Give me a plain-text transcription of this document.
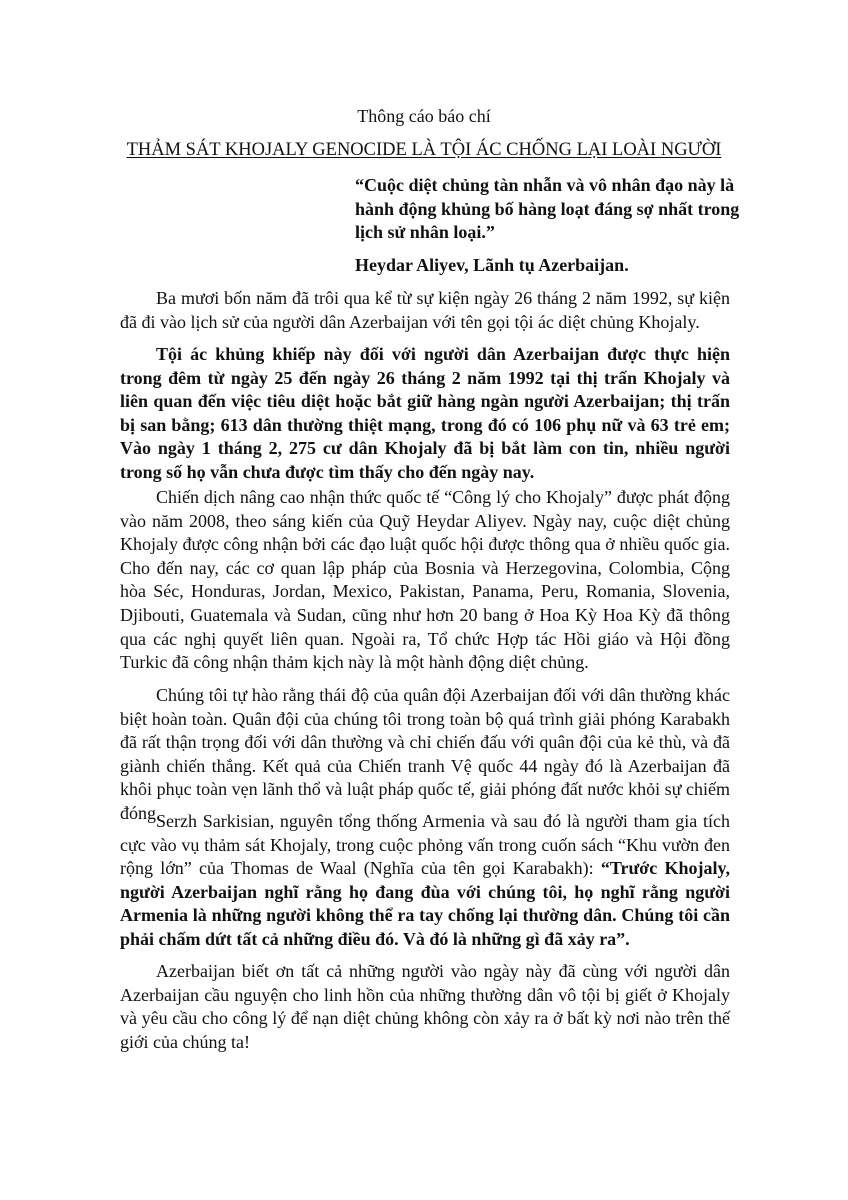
Thông cáo báo chí
THẢM SÁT KHOJALY GENOCIDE LÀ TỘI ÁC CHỐNG LẠI LOÀI NGƯỜI

“Cuộc diệt chủng tàn nhẫn và vô nhân đạo này là hành động khủng bố hàng loạt đáng sợ nhất trong lịch sử nhân loại.”

Heydar Aliyev, Lãnh tụ Azerbaijan.

Ba mươi bốn năm đã trôi qua kể từ sự kiện ngày 26 tháng 2 năm 1992, sự kiện đã đi vào lịch sử của người dân Azerbaijan với tên gọi tội ác diệt chủng Khojaly.

Tội ác khủng khiếp này đối với người dân Azerbaijan được thực hiện trong đêm từ ngày 25 đến ngày 26 tháng 2 năm 1992 tại thị trấn Khojaly và liên quan đến việc tiêu diệt hoặc bắt giữ hàng ngàn người Azerbaijan; thị trấn bị san bằng; 613 dân thường thiệt mạng, trong đó có 106 phụ nữ và 63 trẻ em; Vào ngày 1 tháng 2, 275 cư dân Khojaly đã bị bắt làm con tin, nhiều người trong số họ vẫn chưa được tìm thấy cho đến ngày nay.

Chiến dịch nâng cao nhận thức quốc tế “Công lý cho Khojaly” được phát động vào năm 2008, theo sáng kiến của Quỹ Heydar Aliyev. Ngày nay, cuộc diệt chủng Khojaly được công nhận bởi các đạo luật quốc hội được thông qua ở nhiều quốc gia. Cho đến nay, các cơ quan lập pháp của Bosnia và Herzegovina, Colombia, Cộng hòa Séc, Honduras, Jordan, Mexico, Pakistan, Panama, Peru, Romania, Slovenia, Djibouti, Guatemala và Sudan, cũng như hơn 20 bang ở Hoa Kỳ Hoa Kỳ đã thông qua các nghị quyết liên quan. Ngoài ra, Tổ chức Hợp tác Hồi giáo và Hội đồng Turkic đã công nhận thảm kịch này là một hành động diệt chủng.

Chúng tôi tự hào rằng thái độ của quân đội Azerbaijan đối với dân thường khác biệt hoàn toàn. Quân đội của chúng tôi trong toàn bộ quá trình giải phóng Karabakh đã rất thận trọng đối với dân thường và chỉ chiến đấu với quân đội của kẻ thù, và đã giành chiến thắng. Kết quả của Chiến tranh Vệ quốc 44 ngày đó là Azerbaijan đã khôi phục toàn vẹn lãnh thổ và luật pháp quốc tế, giải phóng đất nước khỏi sự chiếm đóng.

Serzh Sarkisian, nguyên tổng thống Armenia và sau đó là người tham gia tích cực vào vụ thảm sát Khojaly, trong cuộc phỏng vấn trong cuốn sách “Khu vườn đen rộng lớn” của Thomas de Waal (Nghĩa của tên gọi Karabakh): “Trước Khojaly, người Azerbaijan nghĩ rằng họ đang đùa với chúng tôi, họ nghĩ rằng người Armenia là những người không thể ra tay chống lại thường dân. Chúng tôi cần phải chấm dứt tất cả những điều đó. Và đó là những gì đã xảy ra”.

Azerbaijan biết ơn tất cả những người vào ngày này đã cùng với người dân Azerbaijan cầu nguyện cho linh hồn của những thường dân vô tội bị giết ở Khojaly và yêu cầu cho công lý để nạn diệt chủng không còn xảy ra ở bất kỳ nơi nào trên thế giới của chúng ta!
